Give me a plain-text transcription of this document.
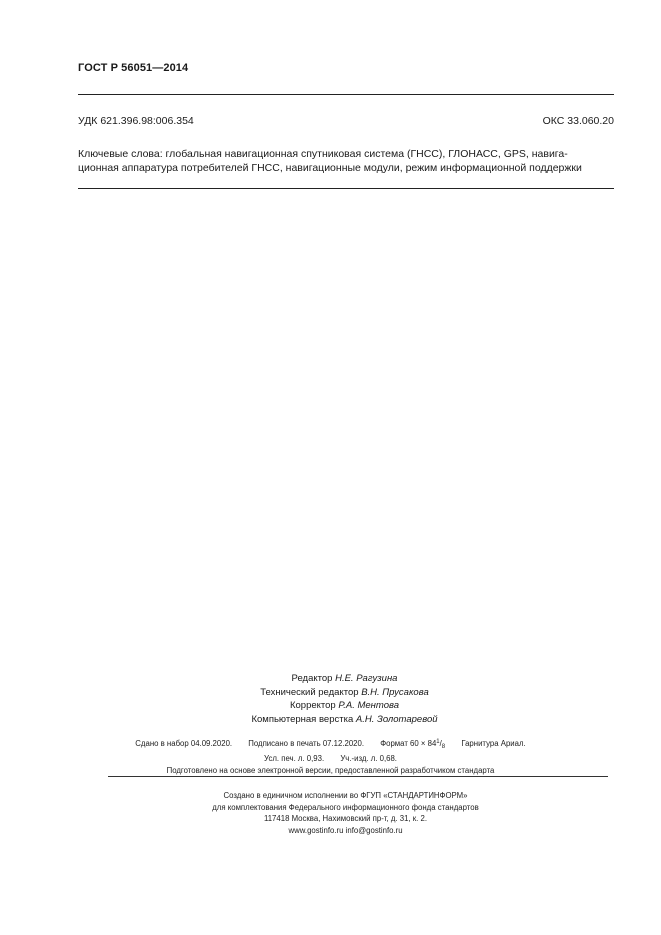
ГОСТ Р 56051—2014
УДК 621.396.98:006.354	ОКС 33.060.20
Ключевые слова: глобальная навигационная спутниковая система (ГНСС), ГЛОНАСС, GPS, навига-
ционная аппаратура потребителей ГНСС, навигационные модули, режим информационной поддержки
Редактор Н.Е. Рагузина
Технический редактор В.Н. Прусакова
Корректор Р.А. Ментова
Компьютерная верстка А.Н. Золотаревой
Сдано в набор 04.09.2020. Подписано в печать 07.12.2020. Формат $60 \times 84^1/_8$ Гарнитура Ариал.
Усл. печ. л. 0,93. Уч.-изд. л. 0,68.
Подготовлено на основе электронной версии, предоставленной разработчиком стандарта
Создано в единичном исполнении во ФГУП «СТАНДАРТИНФОРМ»
для комплектования Федерального информационного фонда стандартов
117418 Москва, Нахимовский пр-т, д. 31, к. 2.
www.gostinfo.ru info@gostinfo.ru
